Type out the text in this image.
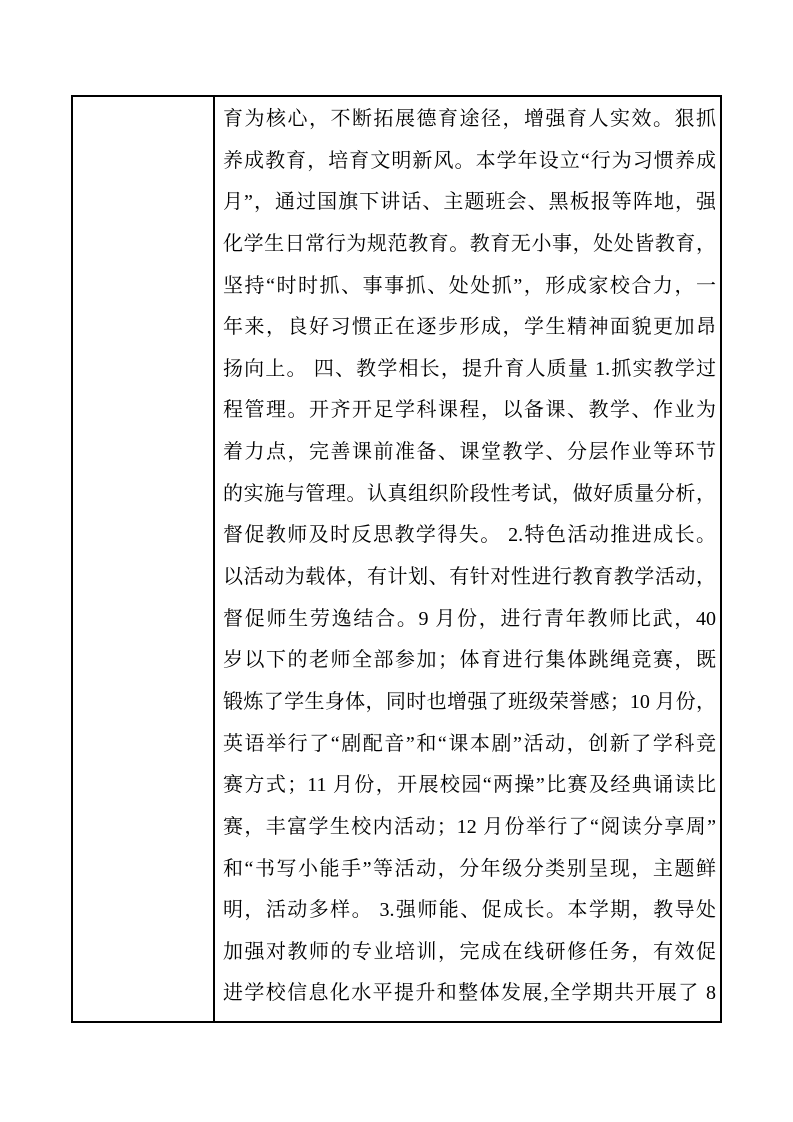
育为核心，不断拓展德育途径，增强育人实效。狠抓
养成教育，培育文明新风。本学年设立“行为习惯养成
月”，通过国旗下讲话、主题班会、黑板报等阵地，强
化学生日常行为规范教育。教育无小事，处处皆教育，
坚持“时时抓、事事抓、处处抓”，形成家校合力，一
年来，良好习惯正在逐步形成，学生精神面貌更加昂
扬向上。 四、教学相长，提升育人质量 1.抓实教学过
程管理。开齐开足学科课程，以备课、教学、作业为
着力点，完善课前准备、课堂教学、分层作业等环节
的实施与管理。认真组织阶段性考试，做好质量分析，
督促教师及时反思教学得失。 2.特色活动推进成长。
以活动为载体，有计划、有针对性进行教育教学活动，
督促师生劳逸结合。9 月份，进行青年教师比武，40
岁以下的老师全部参加；体育进行集体跳绳竞赛，既
锻炼了学生身体，同时也增强了班级荣誉感；10 月份，
英语举行了“剧配音”和“课本剧”活动，创新了学科竞
赛方式；11 月份，开展校园“两操”比赛及经典诵读比
赛，丰富学生校内活动；12 月份举行了“阅读分享周”
和“书写小能手”等活动，分年级分类别呈现，主题鲜
明，活动多样。 3.强师能、促成长。本学期，教导处
加强对教师的专业培训，完成在线研修任务，有效促
进学校信息化水平提升和整体发展,全学期共开展了 8
